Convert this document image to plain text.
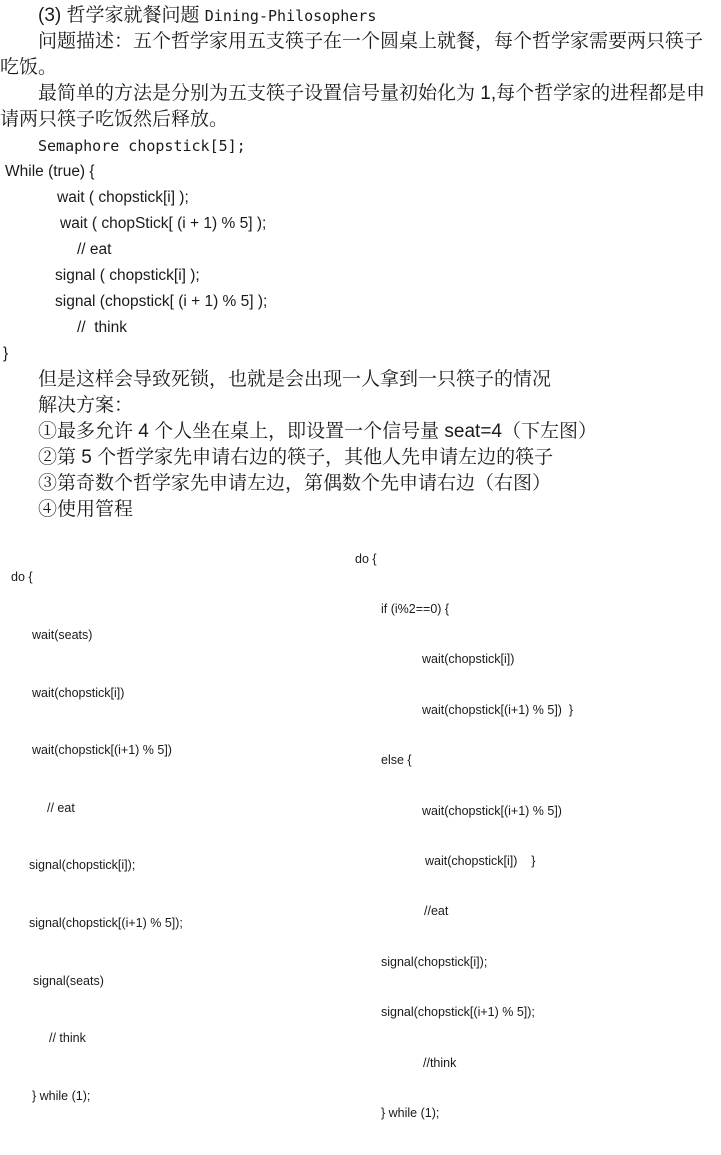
(3) 哲学家就餐问题 Dining-Philosophers
问题描述：五个哲学家用五支筷子在一个圆桌上就餐，每个哲学家需要两只筷子
吃饭。
最简单的方法是分别为五支筷子设置信号量初始化为 1,每个哲学家的进程都是申
请两只筷子吃饭然后释放。
Semaphore chopstick[5];
While (true) {
wait ( chopstick[i] );
wait ( chopStick[ (i + 1) % 5] );
// eat
signal ( chopstick[i] );
signal (chopstick[ (i + 1) % 5] );
//  think
}
但是这样会导致死锁，也就是会出现一人拿到一只筷子的情况
解决方案：
①最多允许 4 个人坐在桌上，即设置一个信号量 seat=4（下左图）
②第 5 个哲学家先申请右边的筷子，其他人先申请左边的筷子
③第奇数个哲学家先申请左边，第偶数个先申请右边（右图）
④使用管程

do {

wait(seats)

wait(chopstick[i])

wait(chopstick[(i+1) % 5])

// eat

signal(chopstick[i]);

signal(chopstick[(i+1) % 5]);

signal(seats)

// think

} while (1);

do {

if (i%2==0) {

wait(chopstick[i])

wait(chopstick[(i+1) % 5])  }

else {

wait(chopstick[(i+1) % 5])

wait(chopstick[i])    }

//eat

signal(chopstick[i]);

signal(chopstick[(i+1) % 5]);

//think

} while (1);
